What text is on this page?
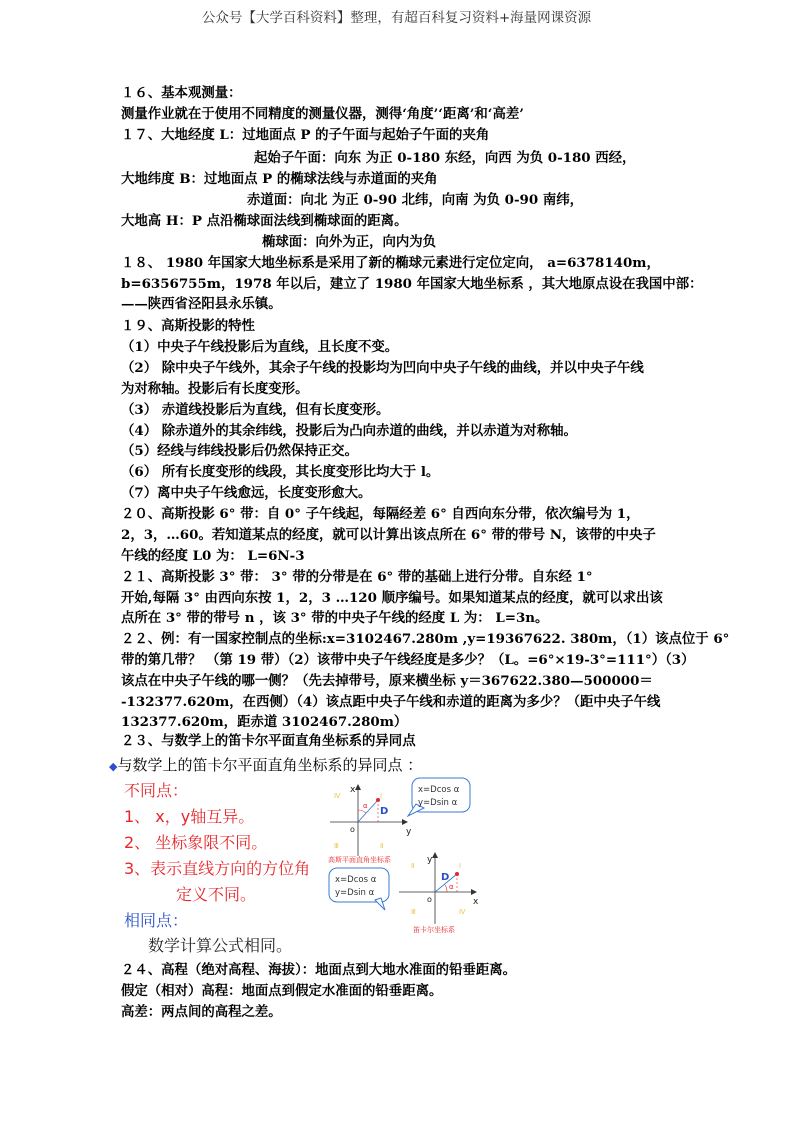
公众号【大学百科资料】整理，有超百科复习资料+海量网课资源
１６、基本观测量：
测量作业就在于使用不同精度的测量仪器，测得‘角度’‘距离’和‘高差’
１７、大地经度 L：过地面点 P 的子午面与起始子午面的夹角
起始子午面：向东 为正 0-180 东经，向西 为负 0-180 西经，
大地纬度 B：过地面点 P 的椭球法线与赤道面的夹角
赤道面：向北 为正 0-90 北纬，向南 为负 0-90 南纬，
大地高 H：P 点沿椭球面法线到椭球面的距离。
椭球面：向外为正，向内为负
１８、 1980 年国家大地坐标系是采用了新的椭球元素进行定位定向， a=6378140m，
b=6356755m，1978 年以后，建立了 1980 年国家大地坐标系 ，其大地原点设在我国中部：
——陕西省泾阳县永乐镇。
１９、高斯投影的特性
（1）中央子午线投影后为直线，且长度不变。
（2） 除中央子午线外，其余子午线的投影均为凹向中央子午线的曲线，并以中央子午线
为对称轴。投影后有长度变形。
（3） 赤道线投影后为直线，但有长度变形。
（4） 除赤道外的其余纬线，投影后为凸向赤道的曲线，并以赤道为对称轴。
（5）经线与纬线投影后仍然保持正交。
（6） 所有长度变形的线段，其长度变形比均大于 l。
（7）离中央子午线愈远，长度变形愈大。
２０、高斯投影 6° 带：自 0° 子午线起，每隔经差 6° 自西向东分带，依次编号为 1，
2，3，…60。若知道某点的经度，就可以计算出该点所在 6° 带的带号 N，该带的中央子
午线的经度 L0 为： L=6N-3
２１、高斯投影 3° 带： 3° 带的分带是在 6° 带的基础上进行分带。自东经 1°
开始,每隔 3° 由西向东按 1，2，3 …120 顺序编号。如果知道某点的经度，就可以求出该
点所在 3° 带的带号 n ，该 3° 带的中央子午线的经度 L 为： L=3n。
２２、例：有一国家控制点的坐标:x=3102467.280m ,y=19367622. 380m，（1）该点位于 6°
带的第几带？ （第 19 带）（2）该带中央子午线经度是多少？（L。=6°×19-3°=111°）（3）
该点在中央子午线的哪一侧？（先去掉带号，原来横坐标 y＝367622.380—500000＝
-132377.620m，在西侧）（4）该点距中央子午线和赤道的距离为多少？（距中央子午线
132377.620m，距赤道 3102467.280m）
２３、与数学上的笛卡尔平面直角坐标系的异同点
◆与数学上的笛卡尔平面直角坐标系的异同点 ：
不同点：
1、 x，y轴互异。
2、 坐标象限不同。
3、表示直线方向的方位角
定义不同。
相同点：
数学计算公式相同。
x
y
o
D
α
Ⅰ
Ⅱ
Ⅲ
Ⅳ
x=Dcos α
y=Dsin α
高斯平面直角坐标系	y
x
o
D
α
Ⅰ
Ⅱ
Ⅲ	Ⅳ
x=Dcos α
y=Dsin α
笛卡尔坐标系
２４、高程（绝对高程、海拔）：地面点到大地水准面的铅垂距离。
假定（相对）高程：地面点到假定水准面的铅垂距离。
高差：两点间的高程之差。
